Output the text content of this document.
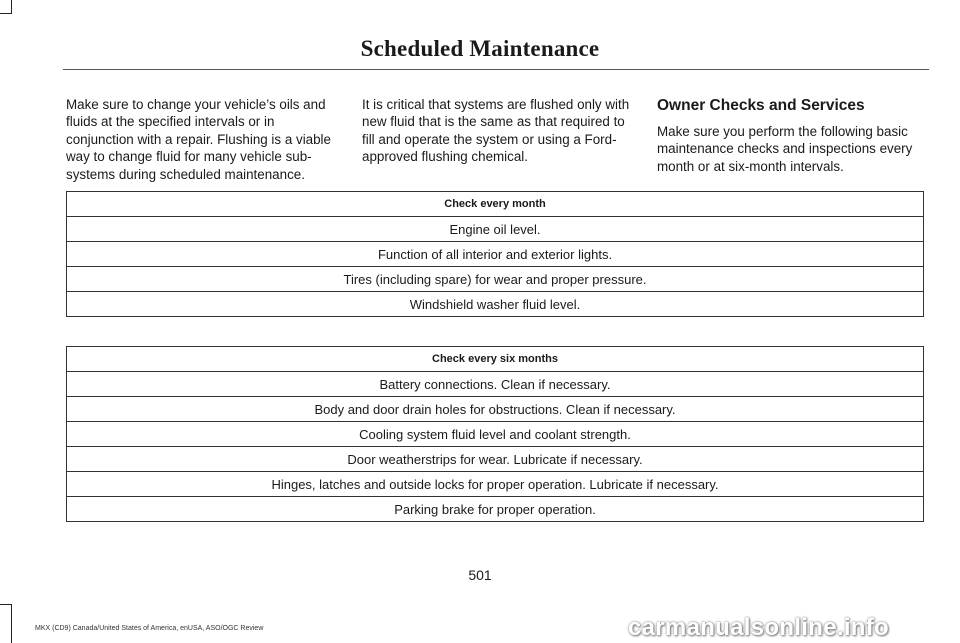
Scheduled Maintenance

Make sure to change your vehicle’s oils and fluids at the specified intervals or in conjunction with a repair. Flushing is a viable way to change fluid for many vehicle sub-systems during scheduled maintenance.

It is critical that systems are flushed only with new fluid that is the same as that required to fill and operate the system or using a Ford-approved flushing chemical.

Owner Checks and Services

Make sure you perform the following basic maintenance checks and inspections every month or at six-month intervals.

Check every month
Engine oil level.
Function of all interior and exterior lights.
Tires (including spare) for wear and proper pressure.
Windshield washer fluid level.
Check every six months
Battery connections. Clean if necessary.
Body and door drain holes for obstructions. Clean if necessary.
Cooling system fluid level and coolant strength.
Door weatherstrips for wear. Lubricate if necessary.
Hinges, latches and outside locks for proper operation. Lubricate if necessary.
Parking brake for proper operation.
501
MKX (CD9) Canada/United States of America, enUSA, ASO/OGC Review	carmanualsonline.info
